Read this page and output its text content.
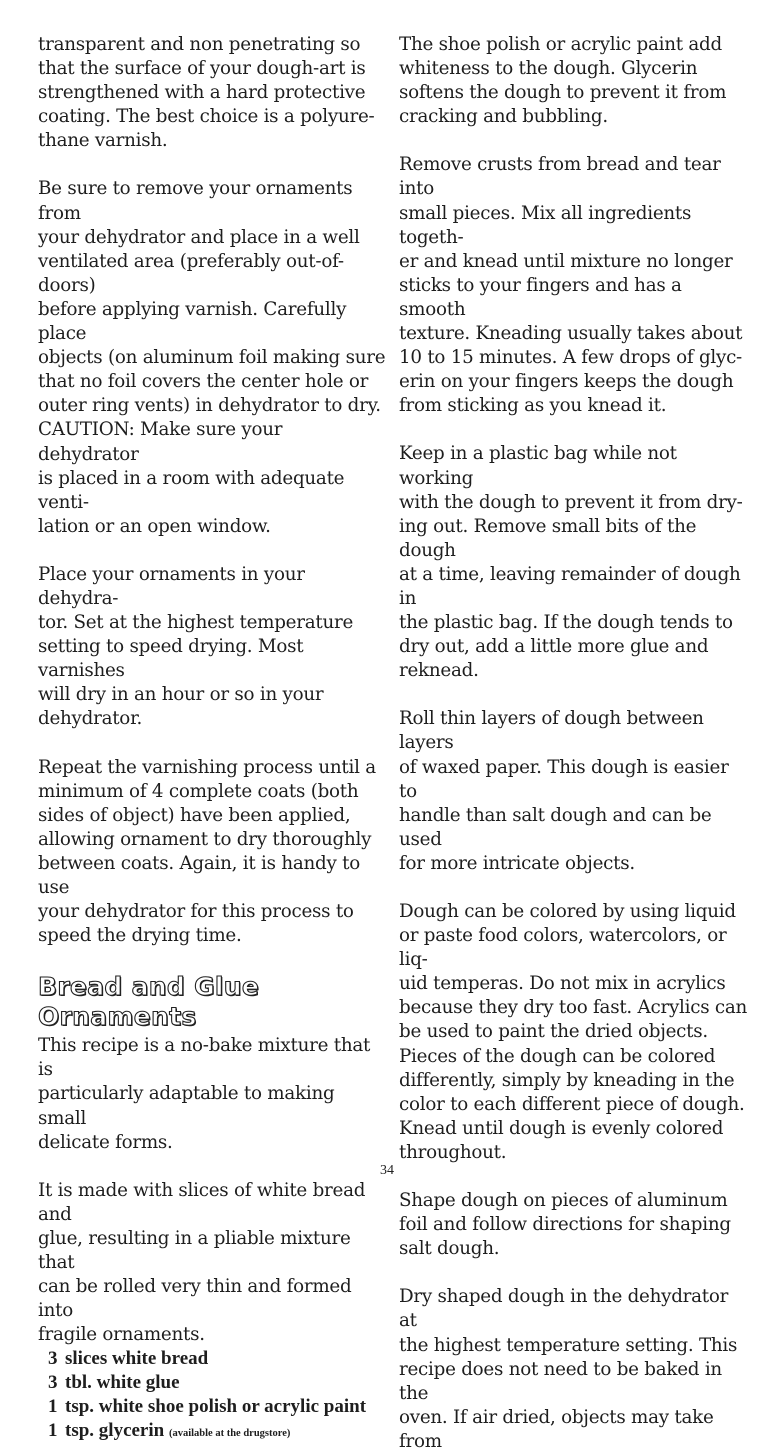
transparent and non penetrating so
that the surface of your dough-art is
strengthened with a hard protective
coating. The best choice is a polyure-
thane varnish.

Be sure to remove your ornaments from
your dehydrator and place in a well
ventilated area (preferably out-of-doors)
before applying varnish. Carefully place
objects (on aluminum foil making sure
that no foil covers the center hole or
outer ring vents) in dehydrator to dry.
CAUTION: Make sure your dehydrator
is placed in a room with adequate venti-
lation or an open window.

Place your ornaments in your dehydra-
tor. Set at the highest temperature
setting to speed drying. Most varnishes
will dry in an hour or so in your
dehydrator.

Repeat the varnishing process until a
minimum of 4 complete coats (both
sides of object) have been applied,
allowing ornament to dry thoroughly
between coats. Again, it is handy to use
your dehydrator for this process to
speed the drying time.

Bread and Glue
Ornaments

This recipe is a no-bake mixture that is
particularly adaptable to making small
delicate forms.

It is made with slices of white bread and
glue, resulting in a pliable mixture that
can be rolled very thin and formed into
fragile ornaments.

3 slices white bread
3 tbl. white glue
1 tsp. white shoe polish or acrylic paint
1 tsp. glycerin (available at the drugstore)

The shoe polish or acrylic paint add
whiteness to the dough. Glycerin
softens the dough to prevent it from
cracking and bubbling.

Remove crusts from bread and tear into
small pieces. Mix all ingredients togeth-
er and knead until mixture no longer
sticks to your fingers and has a smooth
texture. Kneading usually takes about
10 to 15 minutes. A few drops of glyc-
erin on your fingers keeps the dough
from sticking as you knead it.

Keep in a plastic bag while not working
with the dough to prevent it from dry-
ing out. Remove small bits of the dough
at a time, leaving remainder of dough in
the plastic bag. If the dough tends to
dry out, add a little more glue and
reknead.

Roll thin layers of dough between layers
of waxed paper. This dough is easier to
handle than salt dough and can be used
for more intricate objects.

Dough can be colored by using liquid
or paste food colors, watercolors, or liq-
uid temperas. Do not mix in acrylics
because they dry too fast. Acrylics can
be used to paint the dried objects.
Pieces of the dough can be colored
differently, simply by kneading in the
color to each different piece of dough.
Knead until dough is evenly colored
throughout.

Shape dough on pieces of aluminum
foil and follow directions for shaping
salt dough.

Dry shaped dough in the dehydrator at
the highest temperature setting. This
recipe does not need to be baked in the
oven. If air dried, objects may take from

34
